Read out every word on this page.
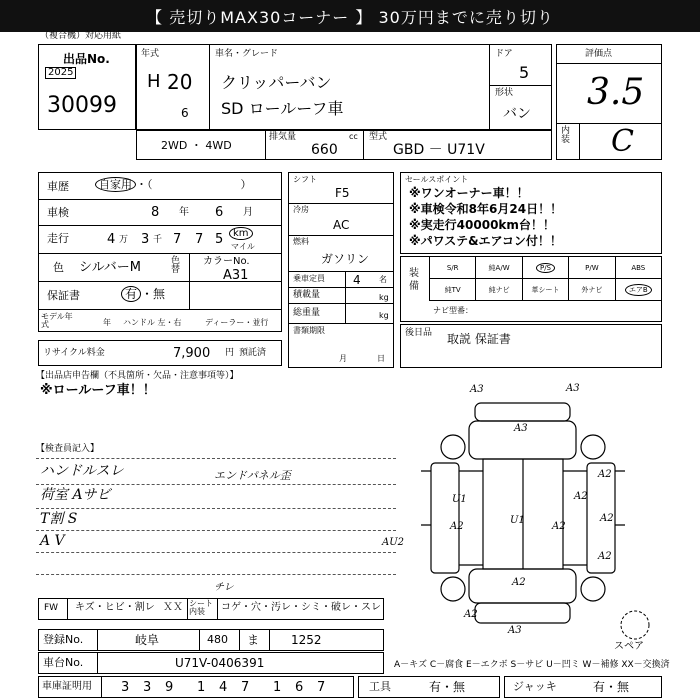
【 売切りMAX30コーナー 】 30万円までに売り切り
（複合機）対応用紙
出品No.
2025
30099
年式
H 20
6
車名・グレード
クリッパーバン
SD ロールーフ車
ドア
5
形状
バン
評価点
3.5
内装 C
2WD ・ 4WD
排気量	cc
660
型式
GBD － U71V
車歴	自家用 ・（　　　　　　　　）
車検	8 年 6 月
走行	4 万 3 千 7 7 5 km
マイル
色 シルバーM	色替
カラーNo.
A31
保証書	有 ・無
モデル年式	年 ハンドル 左・右	ディーラー・並行
リサイクル料金	7,900 円 預託済
シフト
F5
冷房
AC
燃料
ガソリン
乗車定員 4 名
積載量	kg
総重量	kg
書類期限
月	日
セールスポイント
※ワンオーナー車！！
※車検令和8年6月24日！！
※実走行40000km台！！
※パワステ&エアコン付！！
装備
S/R	純A/W	P/S	P/W	ABS
純TV	純ナビ	革シート	外ナビ	エアB
ナビ型番：
後日品 取説 保証書
【出品店申告欄（不具箇所・欠品・注意事項等）】
※ロールーフ車！！
【検査員記入】
ハンドルスレ
荷室 Aサビ
T割 S
A V
エンドパネル歪
A3	A3
A3
A2
A2
U1
U1
A2	A2
A2
A2
A2
AU2
A2
A3
スペア
FW キズ・ヒビ・割レ ＸＸ シート内装	コゲ・穴・汚レ・シミ・破レ・スレ
チレ
登録No.	岐阜	480 ま	1252
車台No.	U71V-0406391	A－キズ C－腐食 E－エクボ S－サビ U－凹ミ W－補修 XX－交換済
車庫証明用 3 3 9 1 4 7 1 6 7	工具	有・無	ジャッキ	有・無
